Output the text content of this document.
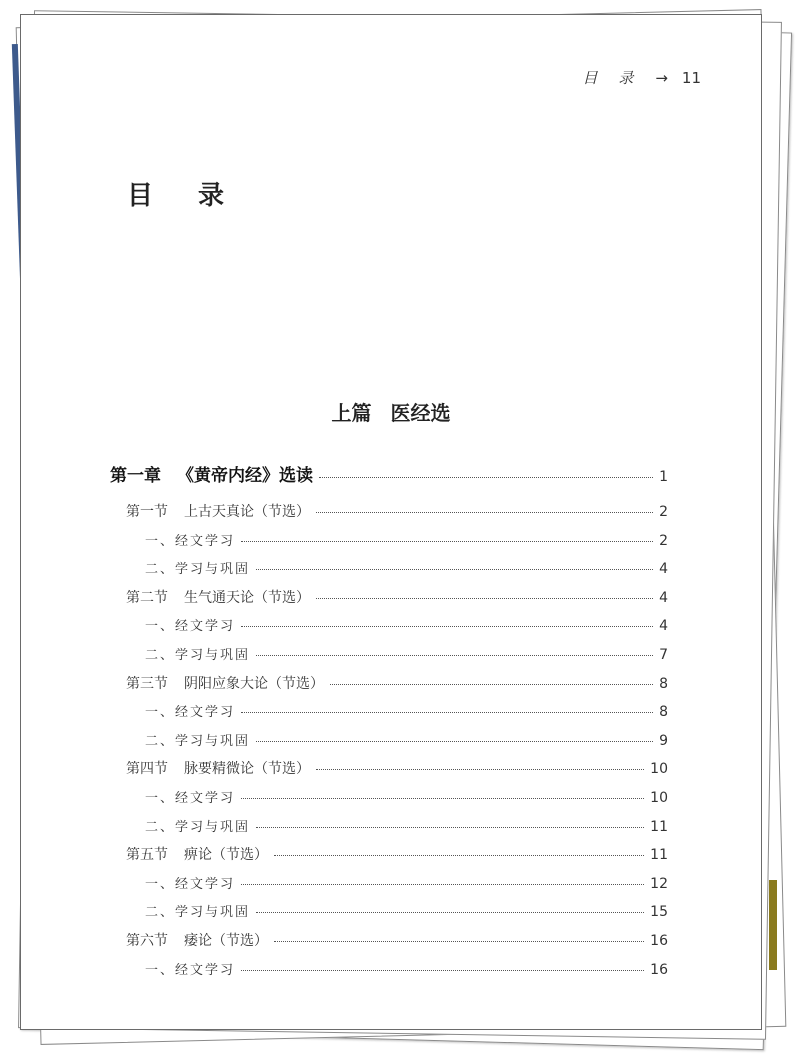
目 录 → 11
目 录
上篇 医经选
第一章 《黄帝内经》选读	1
第一节 上古天真论（节选）	2
一、经文学习	2
二、学习与巩固	4
第二节 生气通天论（节选）	4
一、经文学习	4
二、学习与巩固	7
第三节 阴阳应象大论（节选）	8
一、经文学习	8
二、学习与巩固	9
第四节 脉要精微论（节选）	10
一、经文学习	10
二、学习与巩固	11
第五节 痹论（节选）	11
一、经文学习	12
二、学习与巩固	15
第六节 痿论（节选）	16
一、经文学习	16
